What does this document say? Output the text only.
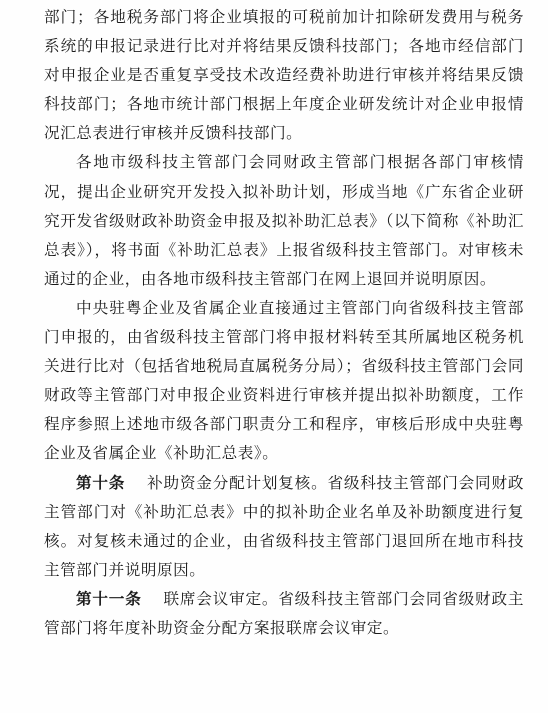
部门；各地税务部门将企业填报的可税前加计扣除研发费用与税务系统的申报记录进行比对并将结果反馈科技部门；各地市经信部门对申报企业是否重复享受技术改造经费补助进行审核并将结果反馈科技部门；各地市统计部门根据上年度企业研发统计对企业申报情况汇总表进行审核并反馈科技部门。

各地市级科技主管部门会同财政主管部门根据各部门审核情况，提出企业研究开发投入拟补助计划，形成当地《广东省企业研究开发省级财政补助资金申报及拟补助汇总表》（以下简称《补助汇总表》），将书面《补助汇总表》上报省级科技主管部门。对审核未通过的企业，由各地市级科技主管部门在网上退回并说明原因。

中央驻粤企业及省属企业直接通过主管部门向省级科技主管部门申报的，由省级科技主管部门将申报材料转至其所属地区税务机关进行比对（包括省地税局直属税务分局）；省级科技主管部门会同财政等主管部门对申报企业资料进行审核并提出拟补助额度，工作程序参照上述地市级各部门职责分工和程序，审核后形成中央驻粤企业及省属企业《补助汇总表》。

第十条  补助资金分配计划复核。省级科技主管部门会同财政主管部门对《补助汇总表》中的拟补助企业名单及补助额度进行复核。对复核未通过的企业，由省级科技主管部门退回所在地市科技主管部门并说明原因。

第十一条  联席会议审定。省级科技主管部门会同省级财政主管部门将年度补助资金分配方案报联席会议审定。
